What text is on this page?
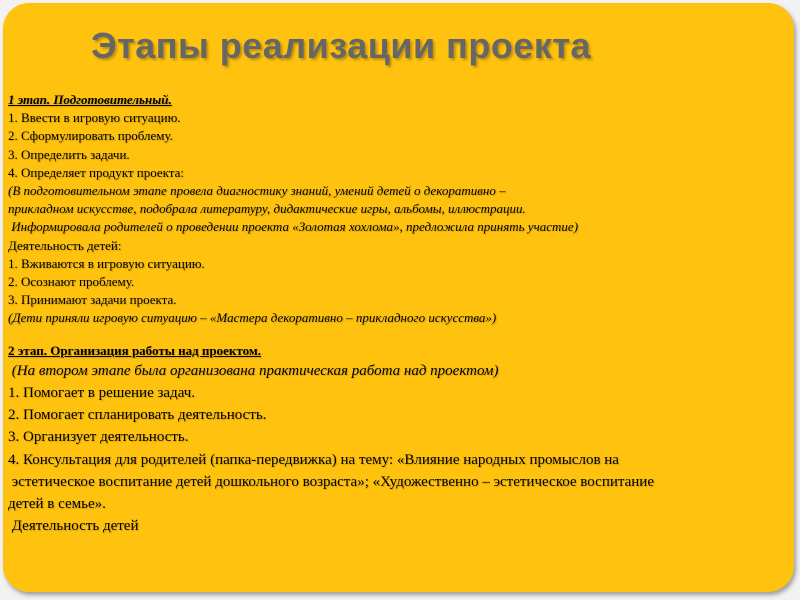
Этапы реализации проекта
1 этап. Подготовительный.
1. Ввести в игровую ситуацию.
2. Сформулировать проблему.
3. Определить задачи.
4. Определяет продукт проекта:
(В подготовительном этапе провела диагностику знаний, умений детей о декоративно –
прикладном искусстве, подобрала литературу, дидактические игры, альбомы, иллюстрации.
Информировала родителей о проведении проекта «Золотая хохлома», предложила принять участие)
Деятельность детей:
1. Вживаются в игровую ситуацию.
2. Осознают проблему.
3. Принимают задачи проекта.
(Дети приняли игровую ситуацию – «Мастера декоративно – прикладного искусства»)
2 этап. Организация работы над проектом.
(На втором этапе была организована практическая работа над проектом)
1. Помогает в решение задач.
2. Помогает спланировать деятельность.
3. Организует деятельность.
4. Консультация для родителей (папка-передвижка) на тему: «Влияние народных промыслов на
эстетическое воспитание детей дошкольного возраста»; «Художественно – эстетическое воспитание
детей в семье».
Деятельность детей
